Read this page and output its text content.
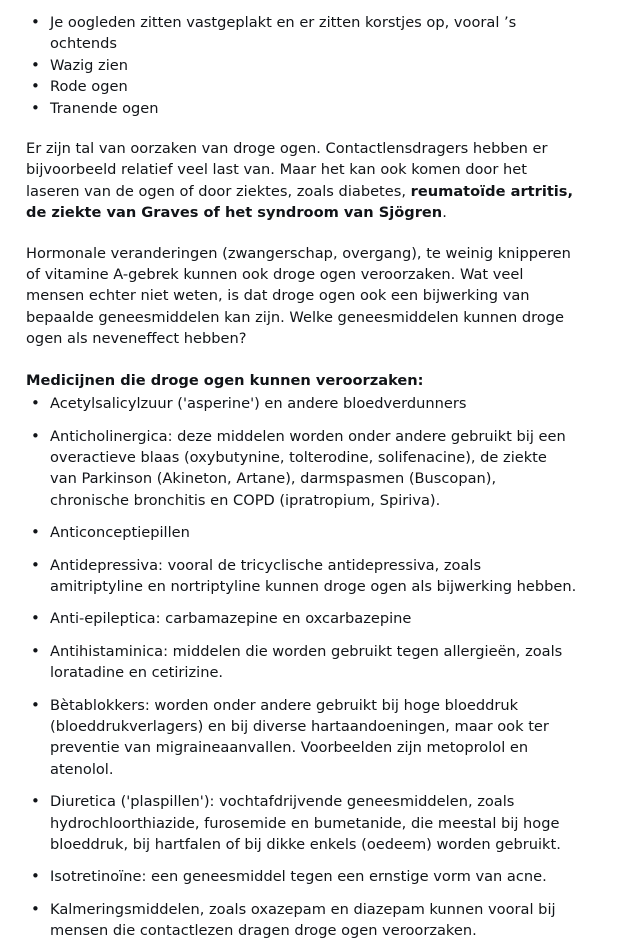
• Je oogleden zitten vastgeplakt en er zitten korstjes op, vooral ’s ochtends
• Wazig zien
• Rode ogen
• Tranende ogen

Er zijn tal van oorzaken van droge ogen. Contactlensdragers hebben er bijvoorbeeld relatief veel last van. Maar het kan ook komen door het laseren van de ogen of door ziektes, zoals diabetes, reumatoïde artritis, de ziekte van Graves of het syndroom van Sjögren.

Hormonale veranderingen (zwangerschap, overgang), te weinig knipperen of vitamine A-gebrek kunnen ook droge ogen veroorzaken. Wat veel mensen echter niet weten, is dat droge ogen ook een bijwerking van bepaalde geneesmiddelen kan zijn. Welke geneesmiddelen kunnen droge ogen als neveneffect hebben?

Medicijnen die droge ogen kunnen veroorzaken:
• Acetylsalicylzuur ('asperine') en andere bloedverdunners
• Anticholinergica: deze middelen worden onder andere gebruikt bij een overactieve blaas (oxybutynine, tolterodine, solifenacine), de ziekte van Parkinson (Akineton, Artane), darmspasmen (Buscopan), chronische bronchitis en COPD (ipratropium, Spiriva).
• Anticonceptiepillen
• Antidepressiva: vooral de tricyclische antidepressiva, zoals amitriptyline en nortriptyline kunnen droge ogen als bijwerking hebben.
• Anti-epileptica: carbamazepine en oxcarbazepine
• Antihistaminica: middelen die worden gebruikt tegen allergieën, zoals loratadine en cetirizine.
• Bètablokkers: worden onder andere gebruikt bij hoge bloeddruk (bloeddrukverlagers) en bij diverse hartaandoeningen, maar ook ter preventie van migraineaanvallen. Voorbeelden zijn metoprolol en atenolol.
• Diuretica ('plaspillen'): vochtafdrijvende geneesmiddelen, zoals hydrochloorthiazide, furosemide en bumetanide, die meestal bij hoge bloeddruk, bij hartfalen of bij dikke enkels (oedeem) worden gebruikt.
• Isotretinoïne: een geneesmiddel tegen een ernstige vorm van acne.
• Kalmeringsmiddelen, zoals oxazepam en diazepam kunnen vooral bij mensen die contactlezen dragen droge ogen veroorzaken.
